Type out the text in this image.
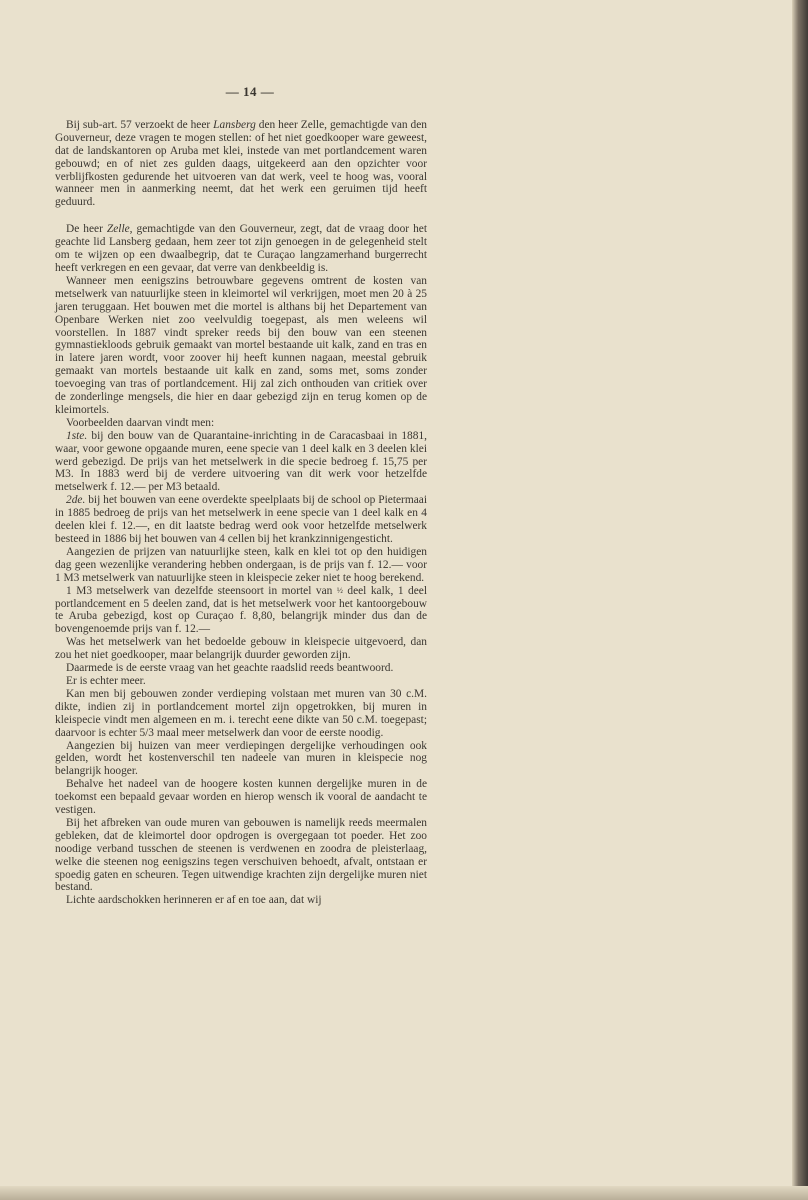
— 14 —

Bij sub-art. 57 verzoekt de heer Lansberg den heer Zelle, gemachtigde van den Gouverneur, deze vragen te mogen stellen: of het niet goedkooper ware geweest, dat de landskantoren op Aruba met klei, instede van met portlandcement waren gebouwd; en of niet zes gulden daags, uitgekeerd aan den opzichter voor verblijfkosten gedurende het uitvoeren van dat werk, veel te hoog was, vooral wanneer men in aanmerking neemt, dat het werk een geruimen tijd heeft geduurd.

De heer Zelle, gemachtigde van den Gouverneur, zegt, dat de vraag door het geachte lid Lansberg gedaan, hem zeer tot zijn genoegen in de gelegenheid stelt om te wijzen op een dwaalbegrip, dat te Curaçao langzamerhand burgerrecht heeft verkregen en een gevaar, dat verre van denkbeeldig is.

Wanneer men eenigszins betrouwbare gegevens omtrent de kosten van metselwerk van natuurlijke steen in kleimortel wil verkrijgen, moet men 20 à 25 jaren teruggaan. Het bouwen met die mortel is althans bij het Departement van Openbare Werken niet zoo veelvuldig toegepast, als men weleens wil voorstellen. In 1887 vindt spreker reeds bij den bouw van een steenen gymnastiekloods gebruik gemaakt van mortel bestaande uit kalk, zand en tras en in latere jaren wordt, voor zoover hij heeft kunnen nagaan, meestal gebruik gemaakt van mortels bestaande uit kalk en zand, soms met, soms zonder toevoeging van tras of portlandcement. Hij zal zich onthouden van critiek over de zonderlinge mengsels, die hier en daar gebezigd zijn en terug komen op de kleimortels.

Voorbeelden daarvan vindt men:

1ste. bij den bouw van de Quarantaine-inrichting in de Caracasbaai in 1881, waar, voor gewone opgaande muren, eene specie van 1 deel kalk en 3 deelen klei werd gebezigd. De prijs van het metselwerk in die specie bedroeg f. 15,75 per M3. In 1883 werd bij de verdere uitvoering van dit werk voor hetzelfde metselwerk f. 12.— per M3 betaald.

2de. bij het bouwen van eene overdekte speelplaats bij de school op Pietermaai in 1885 bedroeg de prijs van het metselwerk in eene specie van 1 deel kalk en 4 deelen klei f. 12.—, en dit laatste bedrag werd ook voor hetzelfde metselwerk besteed in 1886 bij het bouwen van 4 cellen bij het krankzinnigengesticht.

Aangezien de prijzen van natuurlijke steen, kalk en klei tot op den huidigen dag geen wezenlijke verandering hebben ondergaan, is de prijs van f. 12.— voor 1 M3 metselwerk van natuurlijke steen in kleispecie zeker niet te hoog berekend.

1 M3 metselwerk van dezelfde steensoort in mortel van ½ deel kalk, 1 deel portlandcement en 5 deelen zand, dat is het metselwerk voor het kantoorgebouw te Aruba gebezigd, kost op Curaçao f. 8,80, belangrijk minder dus dan de bovengenoemde prijs van f. 12.—

Was het metselwerk van het bedoelde gebouw in kleispecie uitgevoerd, dan zou het niet goedkooper, maar belangrijk duurder geworden zijn.

Daarmede is de eerste vraag van het geachte raadslid reeds beantwoord.

Er is echter meer.

Kan men bij gebouwen zonder verdieping volstaan met muren van 30 c.M. dikte, indien zij in portlandcement mortel zijn opgetrokken, bij muren in kleispecie vindt men algemeen en m. i. terecht eene dikte van 50 c.M. toegepast; daarvoor is echter 5/3 maal meer metselwerk dan voor de eerste noodig.

Aangezien bij huizen van meer verdiepingen dergelijke verhoudingen ook gelden, wordt het kostenverschil ten nadeele van muren in kleispecie nog belangrijk hooger.

Behalve het nadeel van de hoogere kosten kunnen dergelijke muren in de toekomst een bepaald gevaar worden en hierop wensch ik vooral de aandacht te vestigen.

Bij het afbreken van oude muren van gebouwen is namelijk reeds meermalen gebleken, dat de kleimortel door opdrogen is overgegaan tot poeder. Het zoo noodige verband tusschen de steenen is verdwenen en zoodra de pleisterlaag, welke die steenen nog eenigszins tegen verschuiven behoedt, afvalt, ontstaan er spoedig gaten en scheuren. Tegen uitwendige krachten zijn dergelijke muren niet bestand.

Lichte aardschokken herinneren er af en toe aan, dat wij
